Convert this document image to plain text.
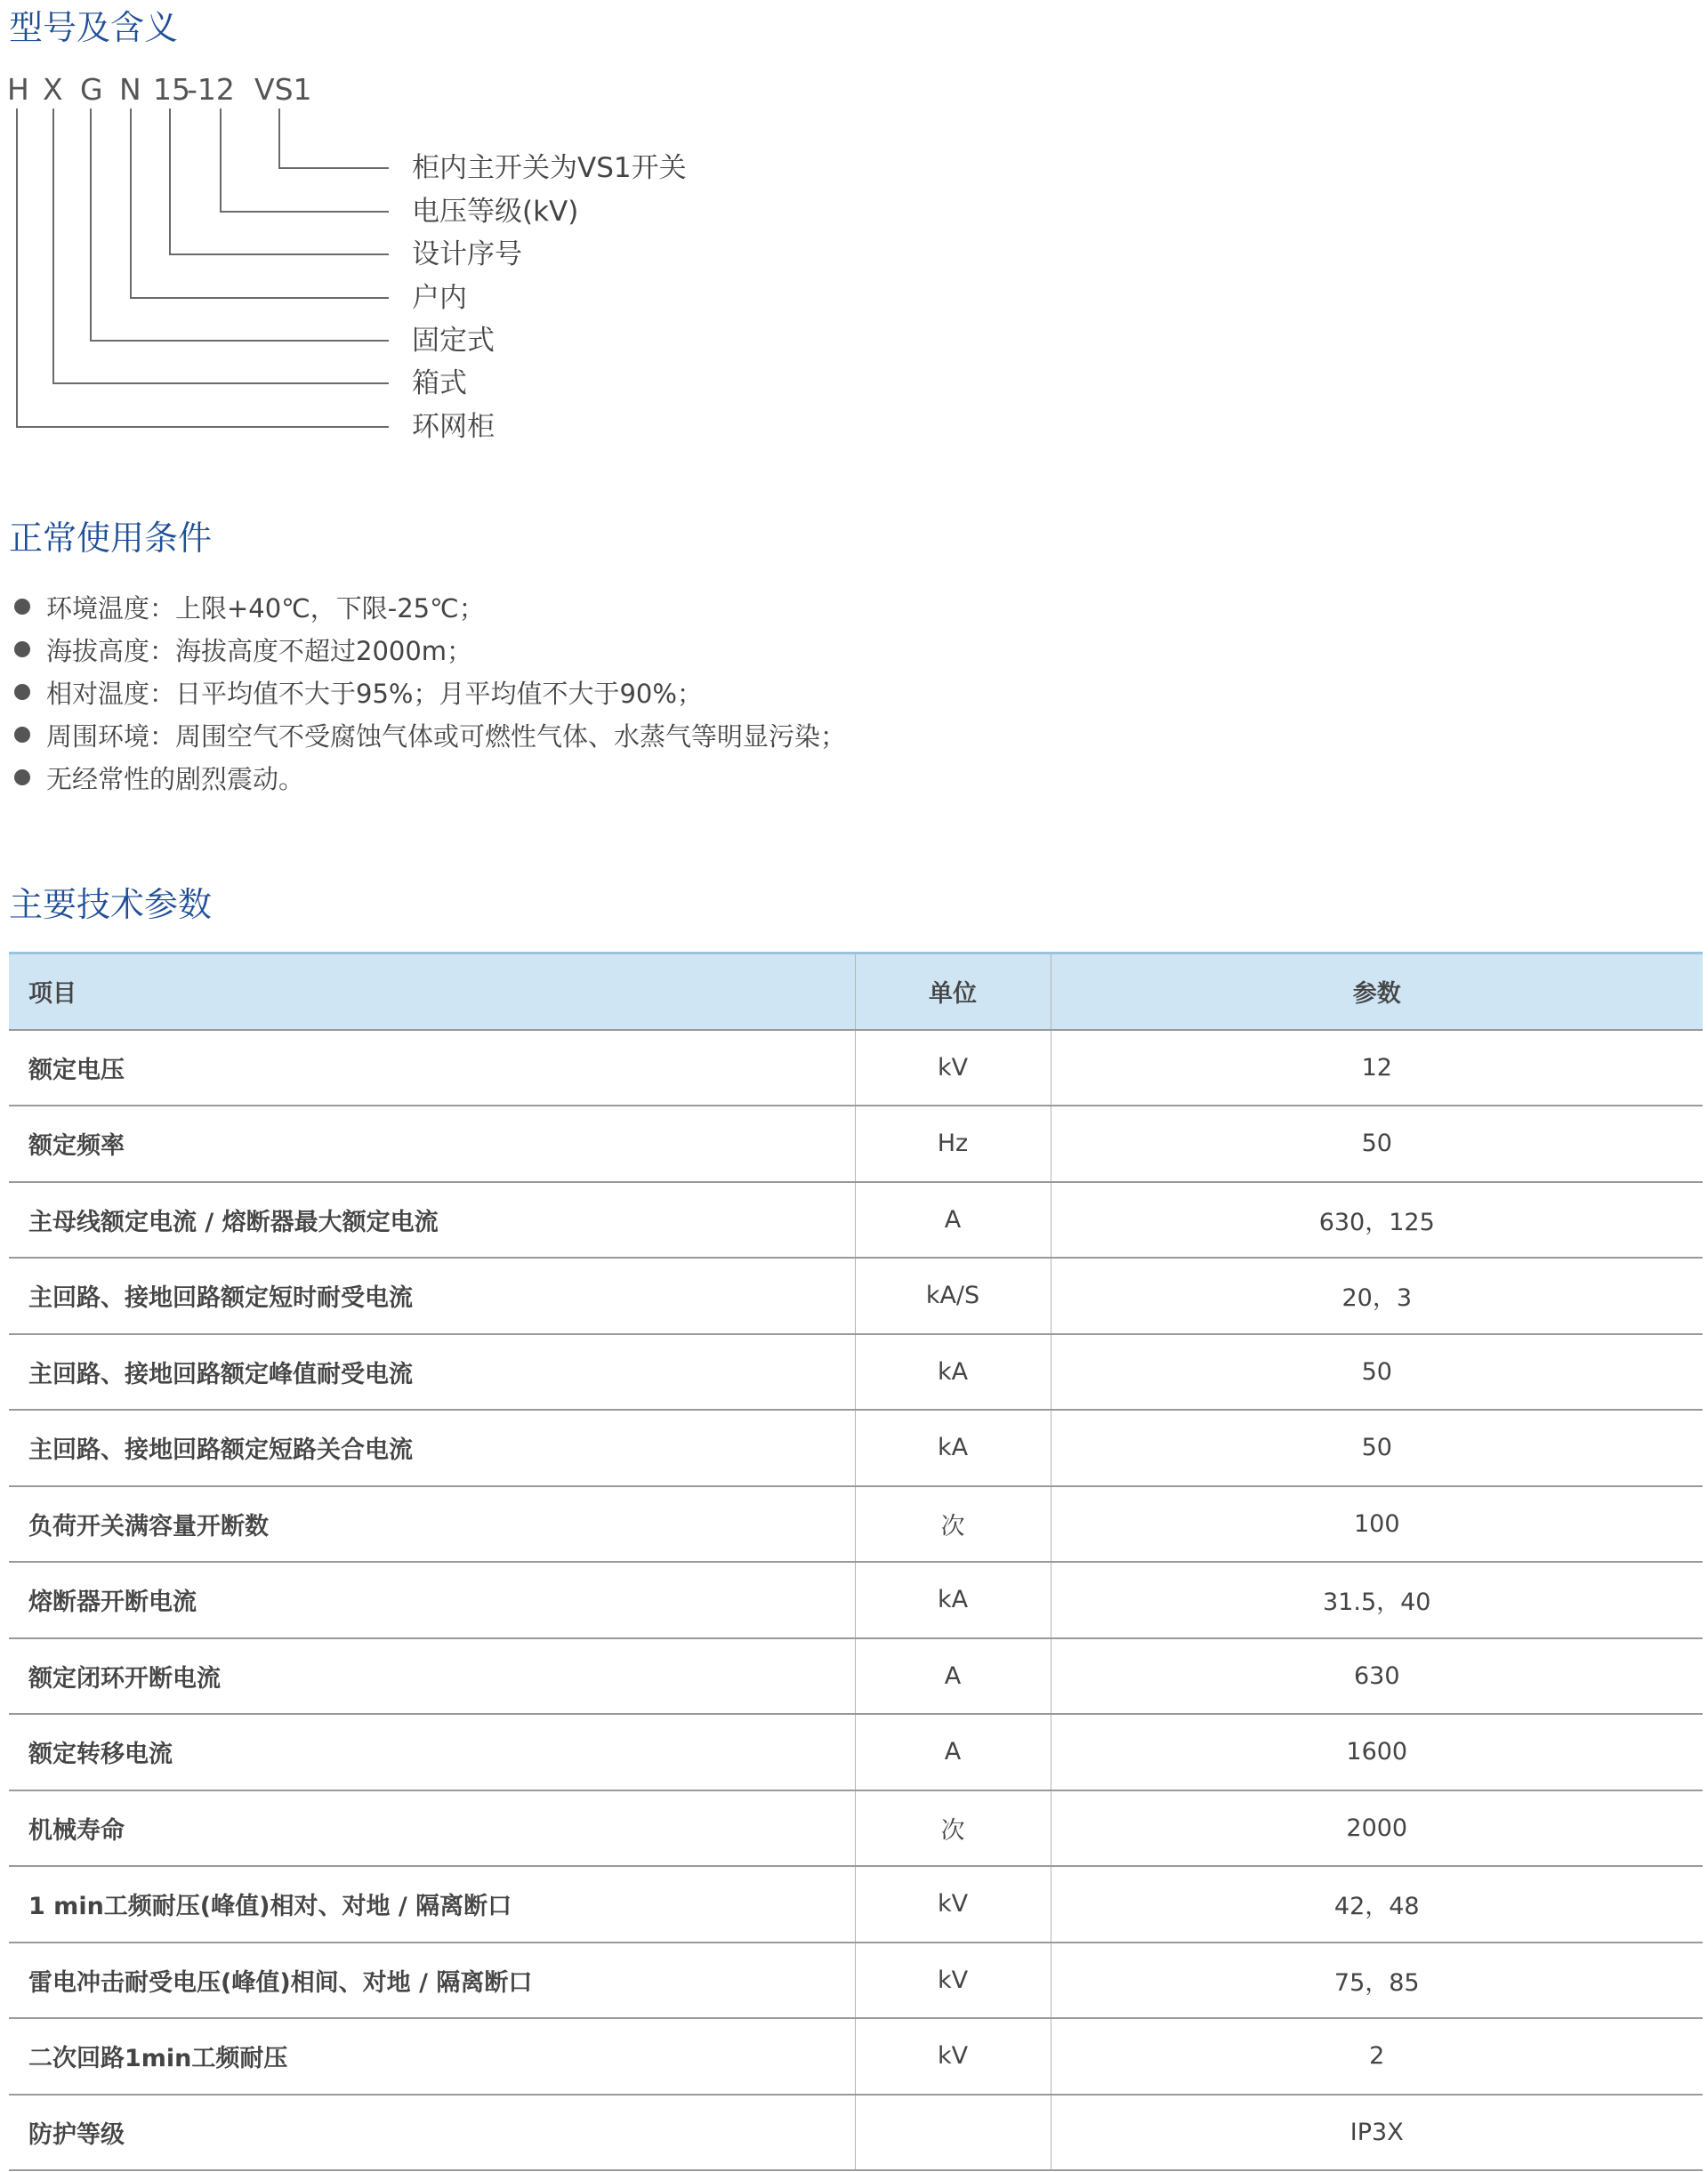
型号及含义
H X G N 15
-12 VS1
柜内主开关为VS1开关
电压等级(kV)
设计序号
户内
固定式
箱式
环网柜
正常使用条件
环境温度：上限+40℃，下限-25℃；
海拔高度：海拔高度不超过2000m；
相对温度：日平均值不大于95%；月平均值不大于90%；
周围环境：周围空气不受腐蚀气体或可燃性气体、水蒸气等明显污染；
无经常性的剧烈震动。
主要技术参数
项目	单位	参数
额定电压	kV	12
额定频率	Hz	50
主母线额定电流 / 熔断器最大额定电流	A	630，125
主回路、接地回路额定短时耐受电流	kA/S	20，3
主回路、接地回路额定峰值耐受电流	kA	50
主回路、接地回路额定短路关合电流	kA	50
负荷开关满容量开断数	次	100
熔断器开断电流	kA	31.5，40
额定闭环开断电流	A	630
额定转移电流	A	1600
机械寿命	次	2000
1 min工频耐压(峰值)相对、对地 / 隔离断口	kV	42，48
雷电冲击耐受电压(峰值)相间、对地 / 隔离断口	kV	75，85
二次回路1min工频耐压	kV	2
防护等级		IP3X
